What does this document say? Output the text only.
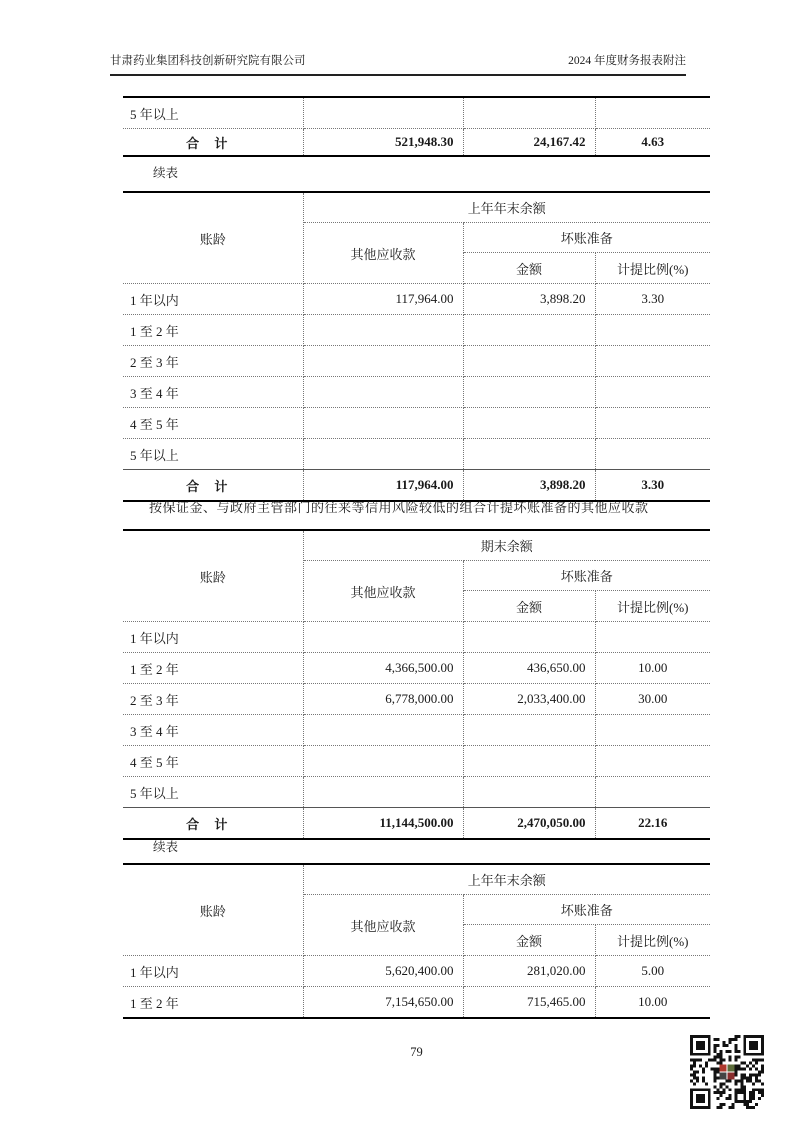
甘肃药业集团科技创新研究院有限公司	2024 年度财务报表附注
5 年以上			
合 计	521,948.30	24,167.42	4.63
续表
账龄	上年年末余额		
	其他应收款	坏账准备	
		金额	计提比例(%)
1 年以内	117,964.00	3,898.20	3.30
1 至 2 年			
2 至 3 年			
3 至 4 年			
4 至 5 年			
5 年以上			
合 计	117,964.00	3,898.20	3.30
按保证金、与政府主管部门的往来等信用风险较低的组合计提坏账准备的其他应收款
账龄	期末余额		
	其他应收款	坏账准备	
		金额	计提比例(%)
1 年以内			
1 至 2 年	4,366,500.00	436,650.00	10.00
2 至 3 年	6,778,000.00	2,033,400.00	30.00
3 至 4 年			
4 至 5 年			
5 年以上			
合 计	11,144,500.00	2,470,050.00	22.16
续表
账龄	上年年末余额		
	其他应收款	坏账准备	
		金额	计提比例(%)
1 年以内	5,620,400.00	281,020.00	5.00
1 至 2 年	7,154,650.00	715,465.00	10.00
79
